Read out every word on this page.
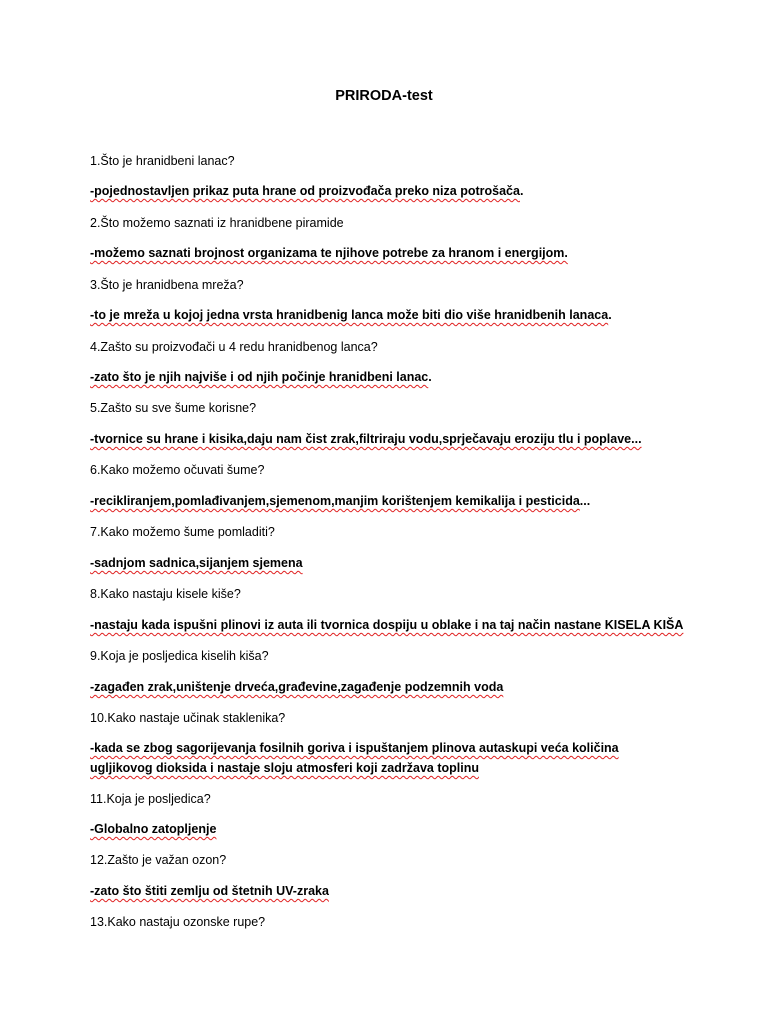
PRIRODA-test
1.Što je hranidbeni lanac?
-pojednostavljen prikaz puta hrane od proizvođača preko niza potrošača.
2.Što možemo saznati iz hranidbene piramide
-možemo saznati brojnost organizama te njihove potrebe za hranom i energijom.
3.Što je hranidbena mreža?
-to je mreža u kojoj jedna vrsta hranidbenig lanca može biti dio više hranidbenih lanaca.
4.Zašto su proizvođači u 4 redu hranidbenog lanca?
-zato što je njih najviše i od njih počinje hranidbeni lanac.
5.Zašto su sve šume korisne?
-tvornice su hrane i kisika,daju nam čist zrak,filtriraju vodu,sprječavaju eroziju tlu i poplave...
6.Kako možemo očuvati šume?
-recikliranjem,pomlađivanjem,sjemenom,manjim korištenjem kemikalija i pesticida...
7.Kako možemo šume pomladiti?
-sadnjom sadnica,sijanjem sjemena
8.Kako nastaju kisele kiše?
-nastaju kada ispušni plinovi iz auta ili tvornica dospiju u oblake i na taj način nastane KISELA KIŠA
9.Koja je posljedica kiselih kiša?
-zagađen zrak,uništenje drveća,građevine,zagađenje podzemnih voda
10.Kako nastaje učinak staklenika?
-kada se zbog sagorijevanja fosilnih goriva i ispuštanjem plinova autaskupi veća količina ugljikovog dioksida i nastaje sloju atmosferi koji zadržava toplinu
11.Koja je posljedica?
-Globalno zatopljenje
12.Zašto je važan ozon?
-zato što štiti zemlju od štetnih UV-zraka
13.Kako nastaju ozonske rupe?
